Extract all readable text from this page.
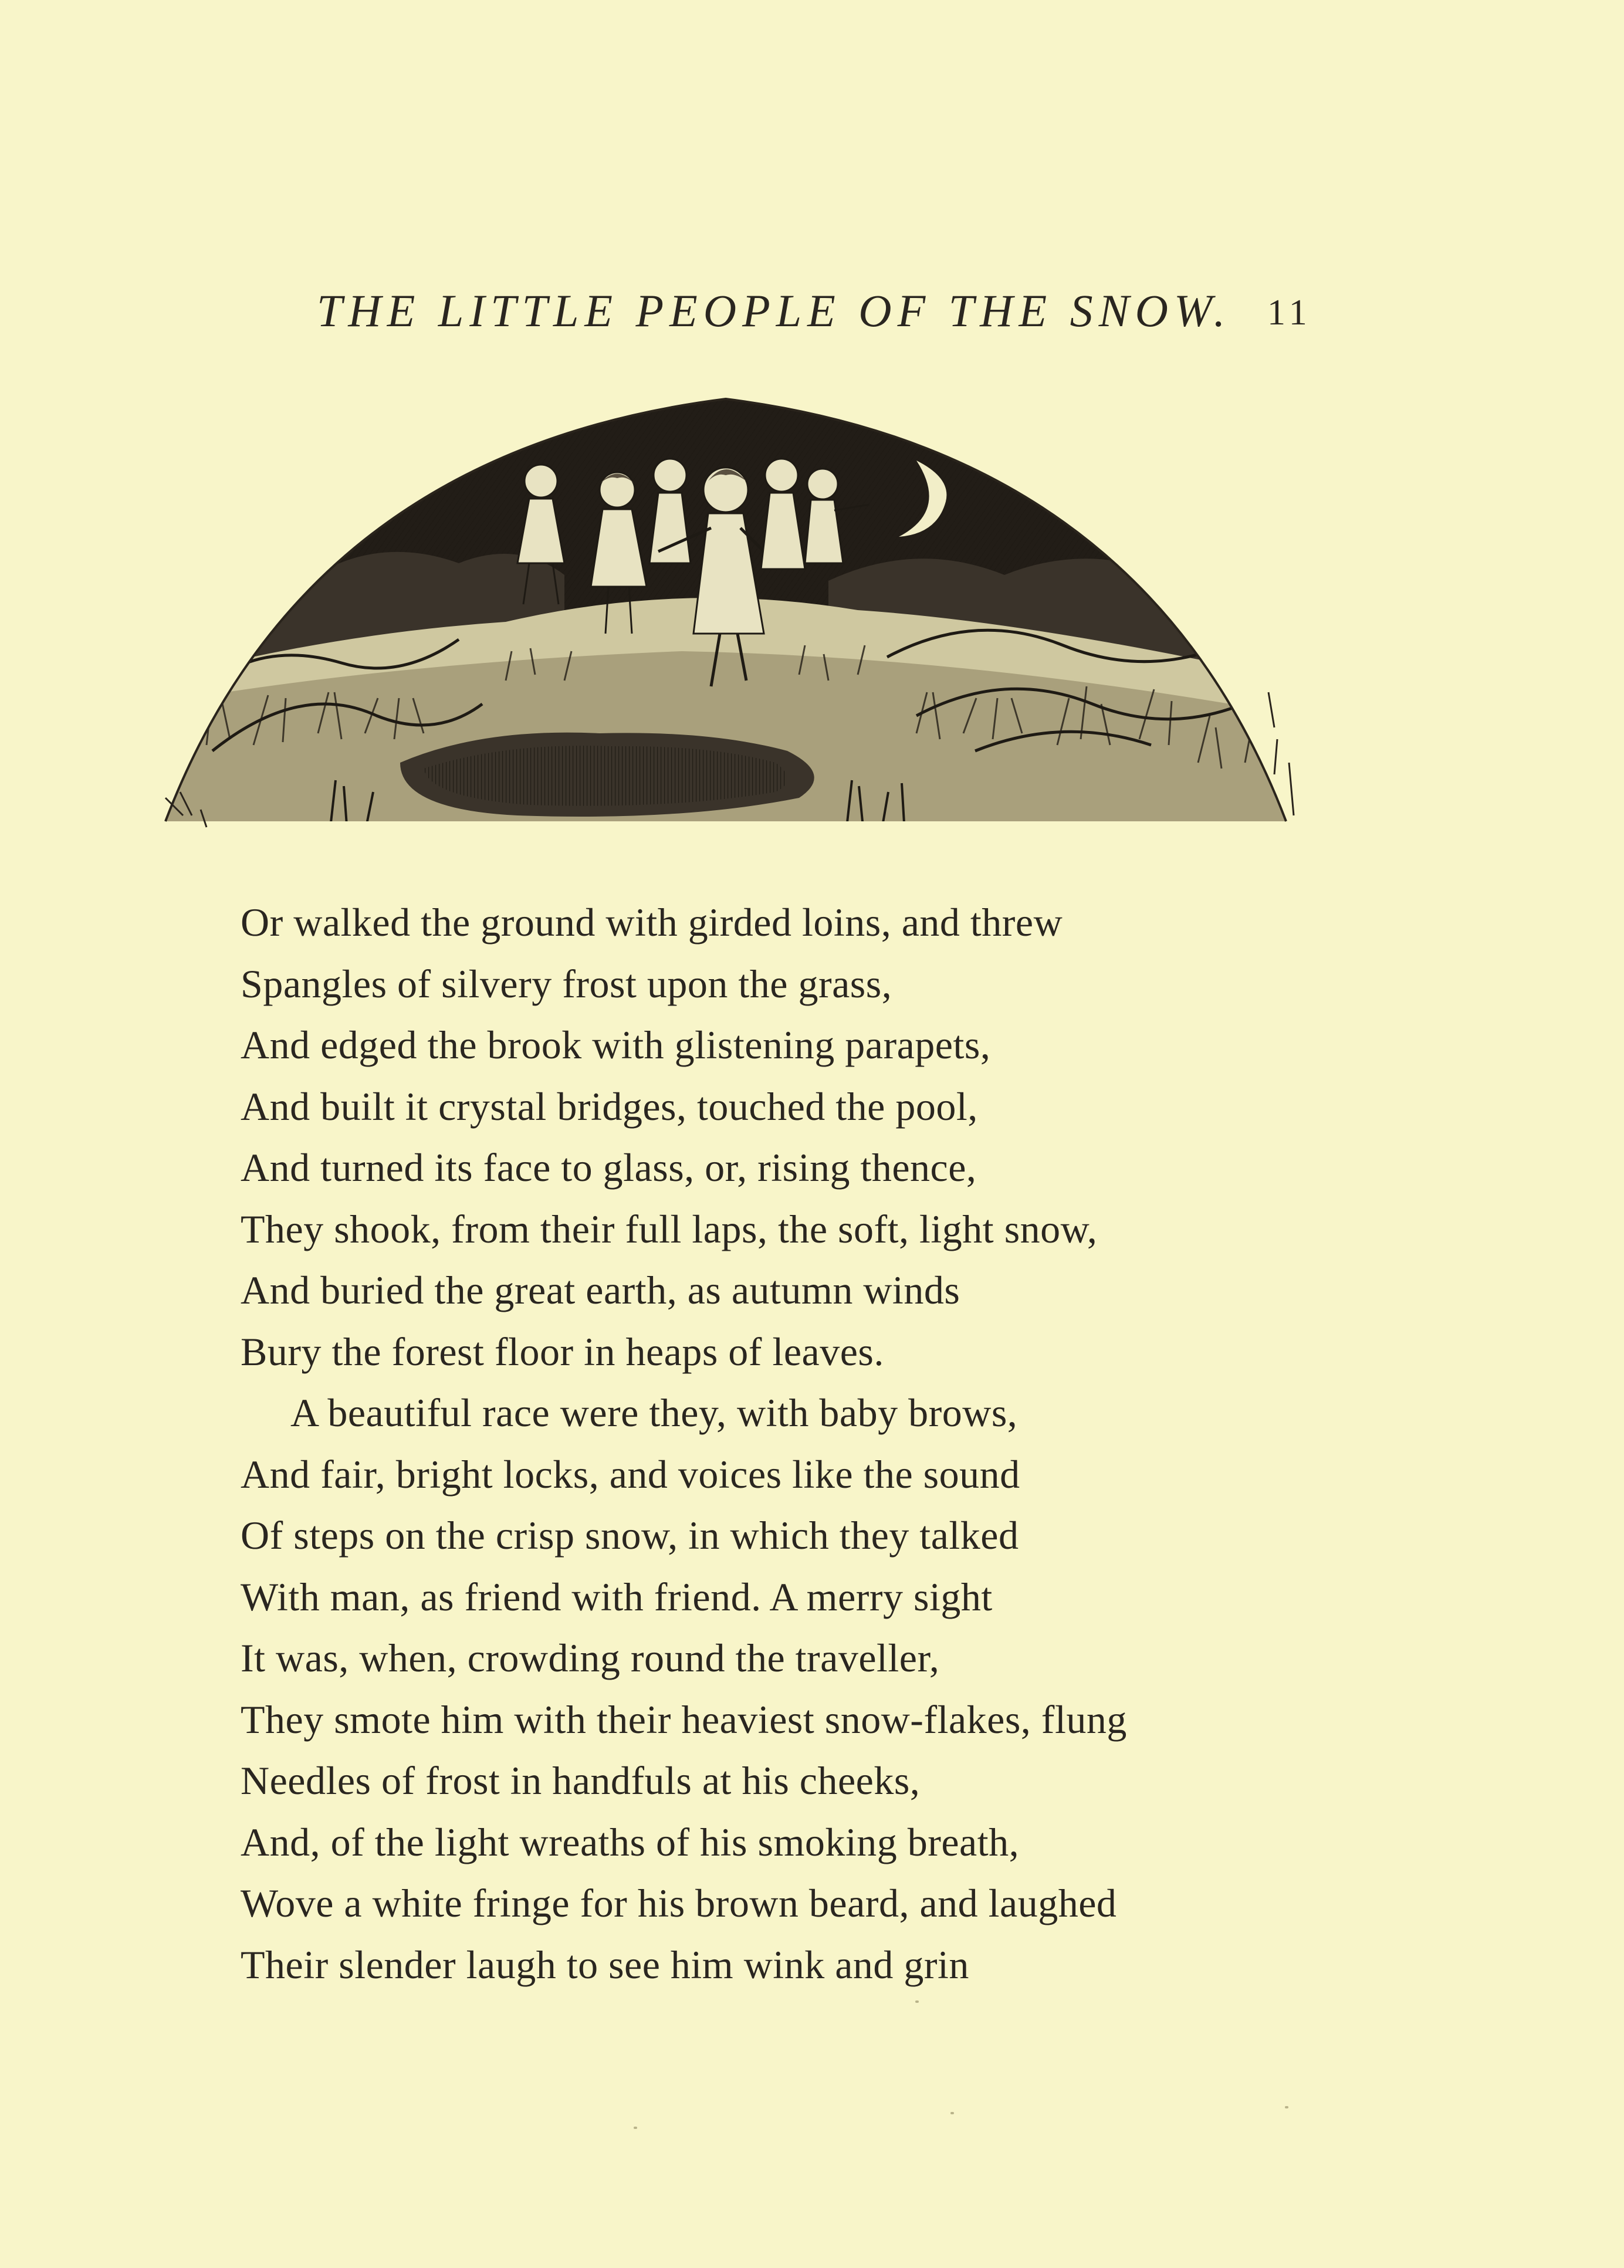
THE LITTLE PEOPLE OF THE SNOW. 11
Or walked the ground with girded loins, and threw
Spangles of silvery frost upon the grass,
And edged the brook with glistening parapets,
And built it crystal bridges, touched the pool,
And turned its face to glass, or, rising thence,
They shook, from their full laps, the soft, light snow,
And buried the great earth, as autumn winds
Bury the forest floor in heaps of leaves.
A beautiful race were they, with baby brows,
And fair, bright locks, and voices like the sound
Of steps on the crisp snow, in which they talked
With man, as friend with friend. A merry sight
It was, when, crowding round the traveller,
They smote him with their heaviest snow-flakes, flung
Needles of frost in handfuls at his cheeks,
And, of the light wreaths of his smoking breath,
Wove a white fringe for his brown beard, and laughed
Their slender laugh to see him wink and grin
